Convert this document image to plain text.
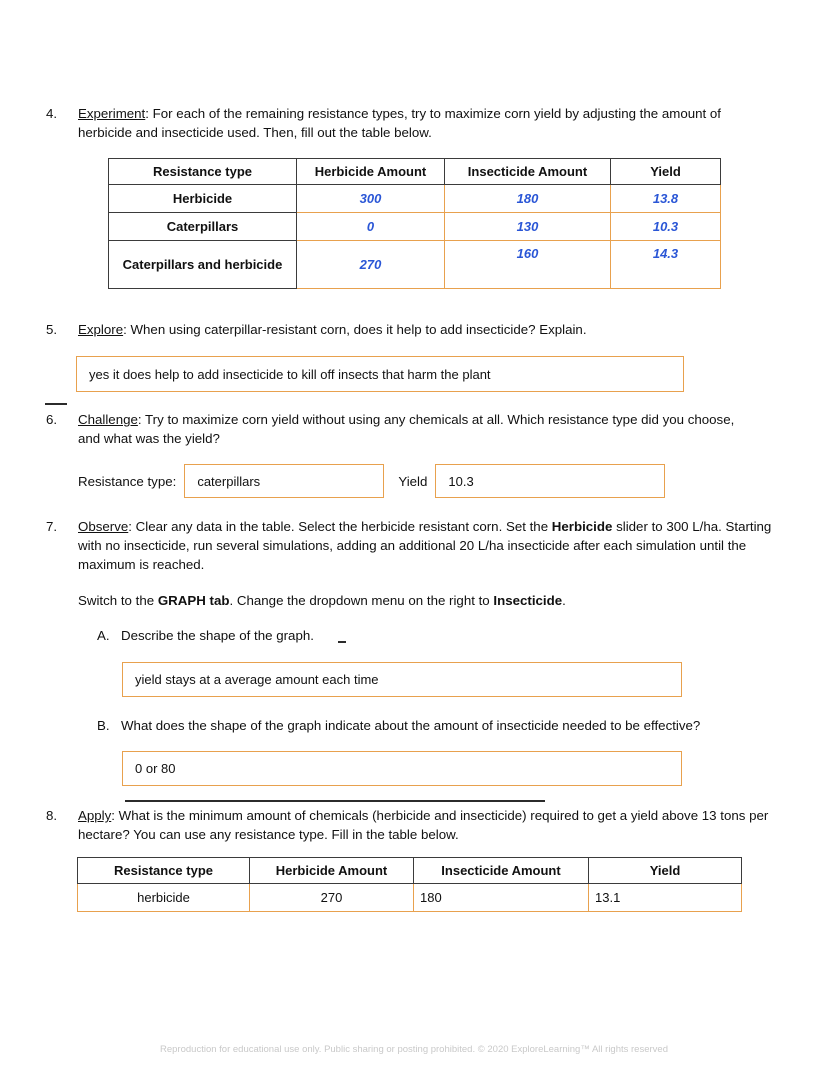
4.	Experiment: For each of the remaining resistance types, try to maximize corn yield by adjusting the amount of herbicide and insecticide used. Then, fill out the table below.
Resistance type	Herbicide Amount	Insecticide Amount	Yield
Herbicide	300	180	13.8
Caterpillars	0	130	10.3
Caterpillars and herbicide	270	160	14.3
5.	Explore: When using caterpillar-resistant corn, does it help to add insecticide? Explain.
yes it does help to add insecticide to kill off insects that harm the plant
6.	Challenge: Try to maximize corn yield without using any chemicals at all. Which resistance type did you choose, and what was the yield?
Resistance type: caterpillars	Yield 10.3
7.	Observe: Clear any data in the table. Select the herbicide resistant corn. Set the Herbicide slider to 300 L/ha. Starting with no insecticide, run several simulations, adding an additional 20 L/ha insecticide after each simulation until the maximum is reached.
Switch to the GRAPH tab. Change the dropdown menu on the right to Insecticide.
A. Describe the shape of the graph.
yield stays at a average amount each time
B. What does the shape of the graph indicate about the amount of insecticide needed to be effective?
0 or 80
8.	Apply: What is the minimum amount of chemicals (herbicide and insecticide) required to get a yield above 13 tons per hectare? You can use any resistance type. Fill in the table below.
Resistance type	Herbicide Amount	Insecticide Amount	Yield
herbicide	270	180	13.1
Reproduction for educational use only. Public sharing or posting prohibited. © 2020 ExploreLearning™ All rights reserved
